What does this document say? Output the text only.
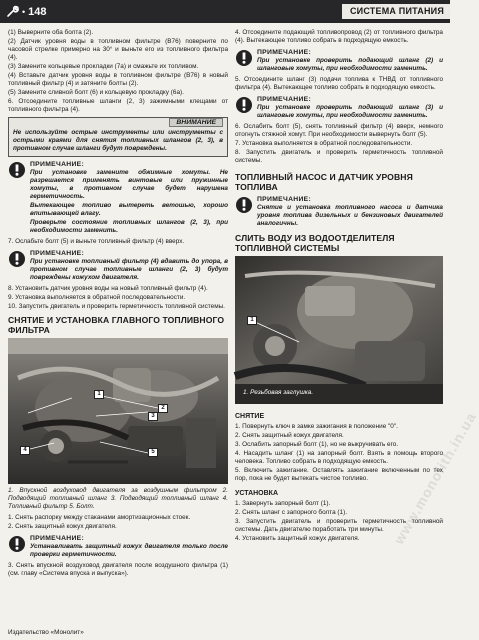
• 148	СИСТЕМА ПИТАНИЯ
(1) Выверните оба болта (2).
(2) Датчик уровня воды в топливном фильтре (В76) поверните по часовой стрелке примерно на 30° и выньте его из топливного фильтра (4).
(3) Замените кольцевые прокладки (7а) и смажьте их топливом.
(4) Вставьте датчик уровня воды в топливном фильтре (В76) в новый топливный фильтр (4) и затяните болты (2).
(5) Замените сливной болт (6) и кольцевую прокладку (6а).
6. Отсоедините топливные шланги (2, 3) зажимными клещами от топливного фильтра (4).
ВНИМАНИЕ
Не используйте острые инструменты или инструменты с острыми краями для снятия топливных шлангов (2, 3), в противном случае шланги будут повреждены.
ПРИМЕЧАНИЕ:
При установке замените обжимные хомуты. Не разрешается применять винтовые или пружинные хомуты, в противном случае будет нарушена герметичность.
Вытекающее топливо вытереть ветошью, хорошо впитывающей влагу.
Проверьте состояние топливных шлангов (2, 3), при необходимости заменить.
7. Ослабьте болт (5) и выньте топливный фильтр (4) вверх.
ПРИМЕЧАНИЕ:
При установке топливный фильтр (4) вдавить до упора, в противном случае топливные шланги (2, 3) будут повреждены кожухом двигателя.
8. Установить датчик уровня воды на новый топливный фильтр (4).
9. Установка выполняется в обратной последовательности.
10. Запустить двигатель и проверить герметичность топливной системы.
СНЯТИЕ И УСТАНОВКА ГЛАВНОГО ТОПЛИВНОГО ФИЛЬТРА
1
2
3
4	5
1. Впускной воздуховод двигателя за воздушным фильтром 2. Подводящий топливный шланг 3. Подводящий топливный шланг 4. Топливный фильтр 5. Болт.
1. Снять распорку между стаканами амортизационных стоек.
2. Снять защитный кожух двигателя.
ПРИМЕЧАНИЕ:
Устанавливать защитный кожух двигателя только после проверки герметичности.
3. Снять впускной воздуховод двигателя после воздушного фильтра (1) (см. главу «Система впуска и выпуска»).
4. Отсоедините подающий топливопровод (2) от топливного фильтра (4). Вытекающее топливо собрать в подходящую емкость.
ПРИМЕЧАНИЕ:
При установке проверить подающий шланг (2) и шланговые хомуты, при необходимости заменить.
5. Отсоедините шланг (3) подачи топлива к ТНВД от топливного фильтра (4). Вытекающее топливо собрать в подходящую емкость.
ПРИМЕЧАНИЕ:
При установке проверить подающий шланг (3) и шланговые хомуты, при необходимости заменить.
6. Ослабить болт (5), снять топливный фильтр (4) вверх, немного отогнуть стяжной хомут. При необходимости вывернуть болт (5).
7. Установка выполняется в обратной последовательности.
8. Запустить двигатель и проверить герметичность топливной системы.
ТОПЛИВНЫЙ НАСОС И ДАТЧИК УРОВНЯ ТОПЛИВА
ПРИМЕЧАНИЕ:
Снятие и установка топливного насоса и датчика уровня топлива дизельных и бензиновых двигателей аналогичны.
СЛИТЬ ВОДУ ИЗ ВОДООТДЕЛИТЕЛЯ ТОПЛИВНОЙ СИСТЕМЫ
1
1. Резьбовая заглушка.
СНЯТИЕ
1. Повернуть ключ в замке зажигания в положение "0".
2. Снять защитный кожух двигателя.
3. Ослабить запорный болт (1), но не выкручивать его.
4. Насадить шланг (1) на запорный болт. Взять в помощь второго человека. Топливо собрать в подходящую емкость.
5. Включить зажигание. Оставлять зажигание включенным по тех пор, пока не будет вытекать чистое топливо.
УСТАНОВКА
1. Завернуть запорный болт (1).
2. Снять шланг с запорного болта (1).
3. Запустить двигатель и проверить герметичность топливной системы. Дать двигателю поработать три минуты.
4. Установить защитный кожух двигателя.	www.monolith.in.ua
Издательство «Монолит»
